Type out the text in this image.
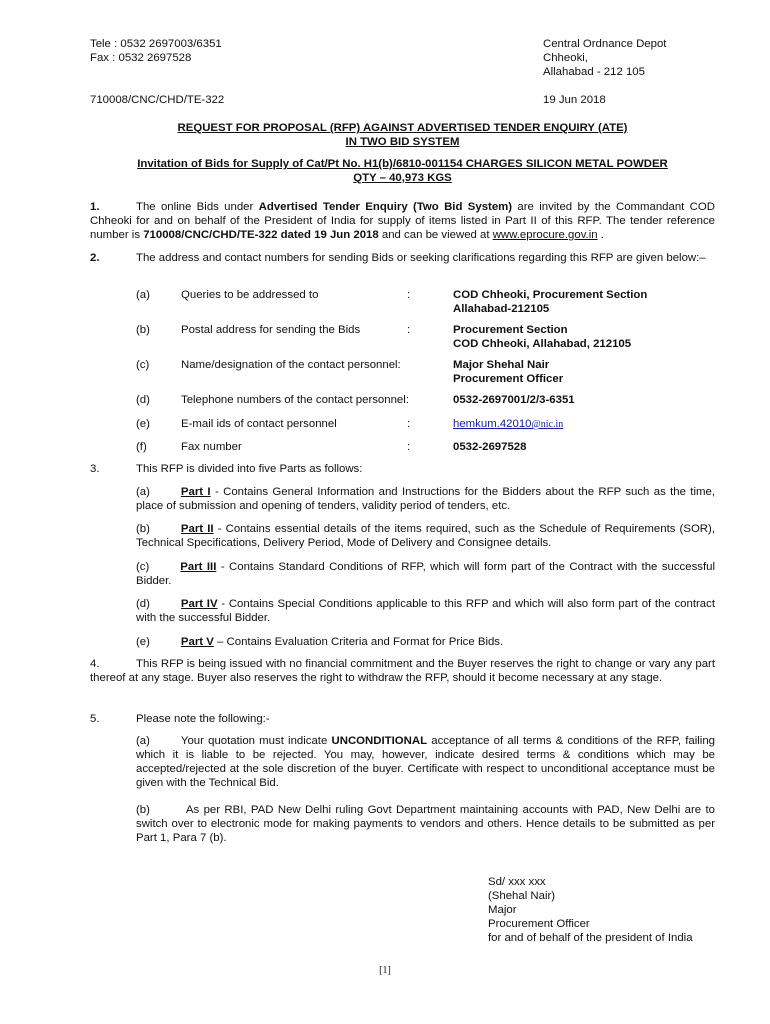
Tele : 0532 2697003/6351
Fax : 0532 2697528
Central Ordnance Depot
Chheoki,
Allahabad - 212 105
710008/CNC/CHD/TE-322	19 Jun 2018
REQUEST FOR PROPOSAL (RFP) AGAINST ADVERTISED TENDER ENQUIRY (ATE)
IN TWO BID SYSTEM
Invitation of Bids for Supply of Cat/Pt No. H1(b)/6810-001154 CHARGES SILICON METAL POWDER
QTY – 40,973 KGS
1.	The online Bids under Advertised Tender Enquiry (Two Bid System) are invited by the Commandant COD Chheoki for and on behalf of the President of India for supply of items listed in Part II of this RFP. The tender reference number is 710008/CNC/CHD/TE-322 dated 19 Jun 2018 and can be viewed at www.eprocure.gov.in .
2.	The address and contact numbers for sending Bids or seeking clarifications regarding this RFP are given below:–
(a)	Queries to be addressed to	:	COD Chheoki, Procurement Section
Allahabad-212105
(b)	Postal address for sending the Bids	:	Procurement Section
COD Chheoki, Allahabad, 212105
(c)	Name/designation of the contact personnel:	Major Shehal Nair
Procurement Officer
(d)	Telephone numbers of the contact personnel:	0532-2697001/2/3-6351
(e)	E-mail ids of contact personnel	:	hemkum.42010@nic.in
(f)	Fax number	:	0532-2697528
3.	This RFP is divided into five Parts as follows:
(a)	Part I - Contains General Information and Instructions for the Bidders about the RFP such as the time, place of submission and opening of tenders, validity period of tenders, etc.
(b)	Part II - Contains essential details of the items required, such as the Schedule of Requirements (SOR), Technical Specifications, Delivery Period, Mode of Delivery and Consignee details.
(c)	Part III - Contains Standard Conditions of RFP, which will form part of the Contract with the successful Bidder.
(d)	Part IV - Contains Special Conditions applicable to this RFP and which will also form part of the contract with the successful Bidder.
(e)	Part V – Contains Evaluation Criteria and Format for Price Bids.
4.	This RFP is being issued with no financial commitment and the Buyer reserves the right to change or vary any part thereof at any stage. Buyer also reserves the right to withdraw the RFP, should it become necessary at any stage.
5.	Please note the following:-
(a)	Your quotation must indicate UNCONDITIONAL acceptance of all terms & conditions of the RFP, failing which it is liable to be rejected. You may, however, indicate desired terms & conditions which may be accepted/rejected at the sole discretion of the buyer. Certificate with respect to unconditional acceptance must be given with the Technical Bid.
(b)	As per RBI, PAD New Delhi ruling Govt Department maintaining accounts with PAD, New Delhi are to switch over to electronic mode for making payments to vendors and others. Hence details to be submitted as per Part 1, Para 7 (b).
Sd/ xxx xxx
(Shehal Nair)
Major
Procurement Officer
for and of behalf of the president of India
[1]
